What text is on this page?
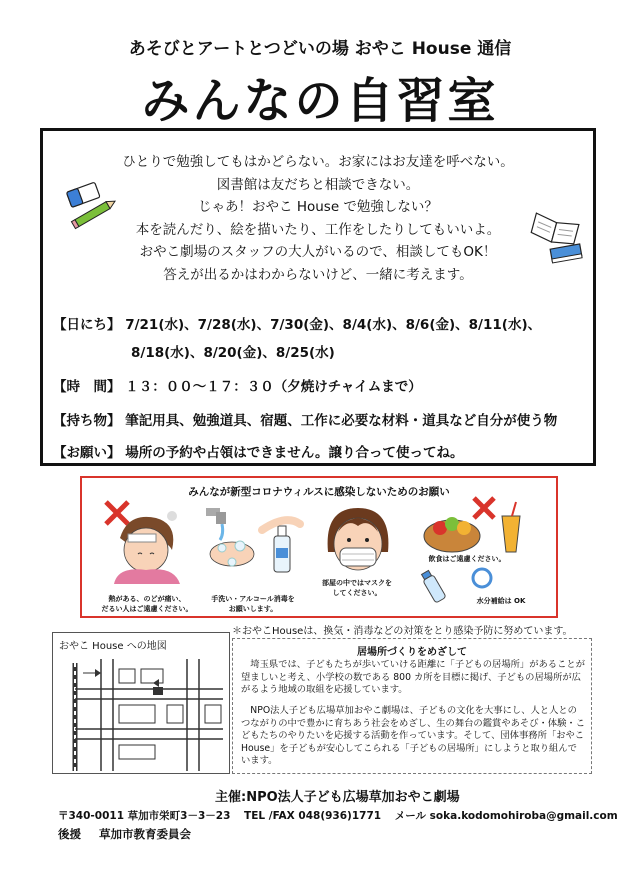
あそびとアートとつどいの場 おやこ House 通信
みんなの自習室
ひとりで勉強してもはかどらない。お家にはお友達を呼べない。
図書館は友だちと相談できない。
じゃあ！おやこ House で勉強しない？
本を読んだり、絵を描いたり、工作をしたりしてもいいよ。
おやこ劇場のスタッフの大人がいるので、相談してもOK！
答えが出るかはわからないけど、一緒に考えます。
【日にち】 7/21(水)、7/28(水)、7/30(金)、8/4(水)、8/6(金)、8/11(水)、
8/18(水)、8/20(金)、8/25(水)
【時　間】 １３：００～１７：３０（夕焼けチャイムまで）
【持ち物】 筆記用具、勉強道具、宿題、工作に必要な材料・道具など自分が使う物
【お願い】 場所の予約や占領はできません。譲り合って使ってね。
みんなが新型コロナウィルスに感染しないためのお願い
熱がある、のどが痛い、
だるい人はご遠慮ください。
手洗い・アルコール消毒を
お願いします。
部屋の中ではマスクを
してください。
飲食はご遠慮ください。
水分補給は OK
＊おやこHouseは、換気・消毒などの対策をとり感染予防に努めています。
おやこ House への地図
居場所づくりをめざして

埼玉県では、子どもたちが歩いていける距離に「子どもの居場所」があることが望ましいと考え、小学校の数である 800 カ所を目標に掲げ、子どもの居場所が広がるよう地域の取組を応援しています。

NPO法人子ども広場草加おやこ劇場は、子どもの文化を大事にし、人と人とのつながりの中で豊かに育ちあう社会をめざし、生の舞台の鑑賞やあそび・体験・こどもたちのやりたいを応援する活動を作っています。そして、団体事務所「おやこ House」を子どもが安心してこられる「子どもの居場所」にしようと取り組んでいます。

主催:NPO法人子ども広場草加おやこ劇場
〒340-0011 草加市栄町3－3－23 TEL /FAX 048(936)1771 メール soka.kodomohiroba@gmail.com
後援 草加市教育委員会
